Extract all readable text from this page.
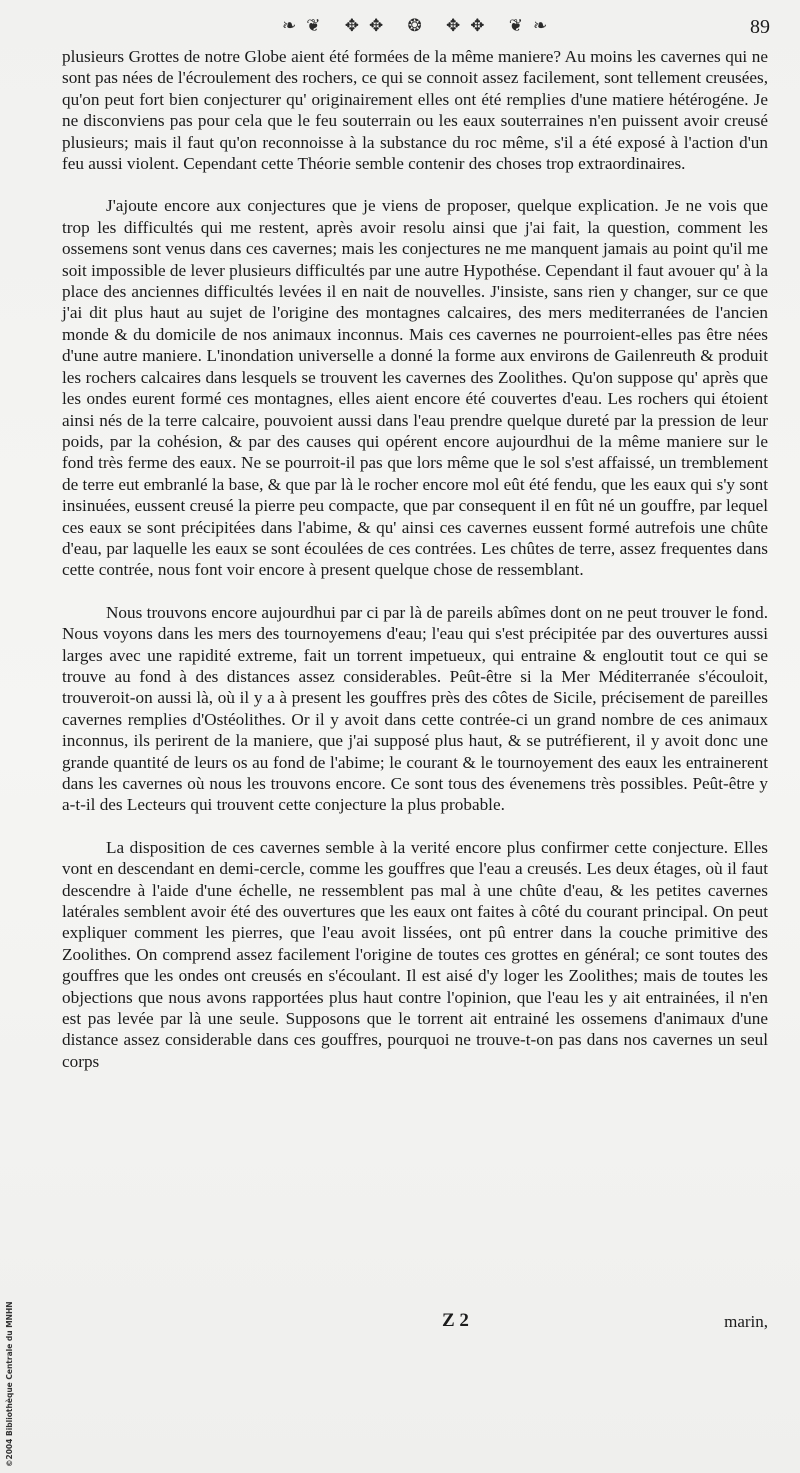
❧❦ ✥✥ ❂ ✥✥ ❦❧	89

plusieurs Grottes de notre Globe aient été formées de la même maniere? Au moins les cavernes qui ne sont pas nées de l'écroulement des rochers, ce qui se connoit assez facilement, sont tellement creusées, qu'on peut fort bien conjecturer qu' originairement elles ont été remplies d'une matiere hétérogéne. Je ne disconviens pas pour cela que le feu souterrain ou les eaux souterraines n'en puissent avoir creusé plusieurs; mais il faut qu'on reconnoisse à la substance du roc même, s'il a été exposé à l'action d'un feu aussi violent. Cependant cette Théorie semble contenir des choses trop extraordinaires.

J'ajoute encore aux conjectures que je viens de proposer, quelque explication. Je ne vois que trop les difficultés qui me restent, après avoir resolu ainsi que j'ai fait, la question, comment les ossemens sont venus dans ces cavernes; mais les conjectures ne me manquent jamais au point qu'il me soit impossible de lever plusieurs difficultés par une autre Hypothése. Cependant il faut avouer qu' à la place des anciennes difficultés levées il en nait de nouvelles. J'insiste, sans rien y changer, sur ce que j'ai dit plus haut au sujet de l'origine des montagnes calcaires, des mers mediterranées de l'ancien monde & du domicile de nos animaux inconnus. Mais ces cavernes ne pourroient-elles pas être nées d'une autre maniere. L'inondation universelle a donné la forme aux environs de Gailenreuth & produit les rochers calcaires dans lesquels se trouvent les cavernes des Zoolithes. Qu'on suppose qu' après que les ondes eurent formé ces montagnes, elles aient encore été couvertes d'eau. Les rochers qui étoient ainsi nés de la terre calcaire, pouvoient aussi dans l'eau prendre quelque dureté par la pression de leur poids, par la cohésion, & par des causes qui opérent encore aujourdhui de la même maniere sur le fond très ferme des eaux. Ne se pourroit-il pas que lors même que le sol s'est affaissé, un tremblement de terre eut embranlé la base, & que par là le rocher encore mol eût été fendu, que les eaux qui s'y sont insinuées, eussent creusé la pierre peu compacte, que par consequent il en fût né un gouffre, par lequel ces eaux se sont précipitées dans l'abime, & qu' ainsi ces cavernes eussent formé autrefois une chûte d'eau, par laquelle les eaux se sont écoulées de ces contrées. Les chûtes de terre, assez frequentes dans cette contrée, nous font voir encore à present quelque chose de ressemblant.

Nous trouvons encore aujourdhui par ci par là de pareils abîmes dont on ne peut trouver le fond. Nous voyons dans les mers des tournoyemens d'eau; l'eau qui s'est précipitée par des ouvertures aussi larges avec une rapidité extreme, fait un torrent impetueux, qui entraine & engloutit tout ce qui se trouve au fond à des distances assez considerables. Peût-être si la Mer Méditerranée s'écouloit, trouveroit-on aussi là, où il y a à present les gouffres près des côtes de Sicile, précisement de pareilles cavernes remplies d'Ostéolithes. Or il y avoit dans cette contrée-ci un grand nombre de ces animaux inconnus, ils perirent de la maniere, que j'ai supposé plus haut, & se putréfierent, il y avoit donc une grande quantité de leurs os au fond de l'abime; le courant & le tournoyement des eaux les entrainerent dans les cavernes où nous les trouvons encore. Ce sont tous des évenemens très possibles. Peût-être y a-t-il des Lecteurs qui trouvent cette conjecture la plus probable.

La disposition de ces cavernes semble à la verité encore plus confirmer cette conjecture. Elles vont en descendant en demi-cercle, comme les gouffres que l'eau a creusés. Les deux étages, où il faut descendre à l'aide d'une échelle, ne ressemblent pas mal à une chûte d'eau, & les petites cavernes latérales semblent avoir été des ouvertures que les eaux ont faites à côté du courant principal. On peut expliquer comment les pierres, que l'eau avoit lissées, ont pû entrer dans la couche primitive des Zoolithes. On comprend assez facilement l'origine de toutes ces grottes en général; ce sont toutes des gouffres que les ondes ont creusés en s'écoulant. Il est aisé d'y loger les Zoolithes; mais de toutes les objections que nous avons rapportées plus haut contre l'opinion, que l'eau les y ait entrainées, il n'en est pas levée par là une seule. Supposons que le torrent ait entrainé les ossemens d'animaux d'une distance assez considerable dans ces gouffres, pourquoi ne trouve-t-on pas dans nos cavernes un seul corps

Z 2	marin,
©2004 Bibliothèque Centrale du MNHN
